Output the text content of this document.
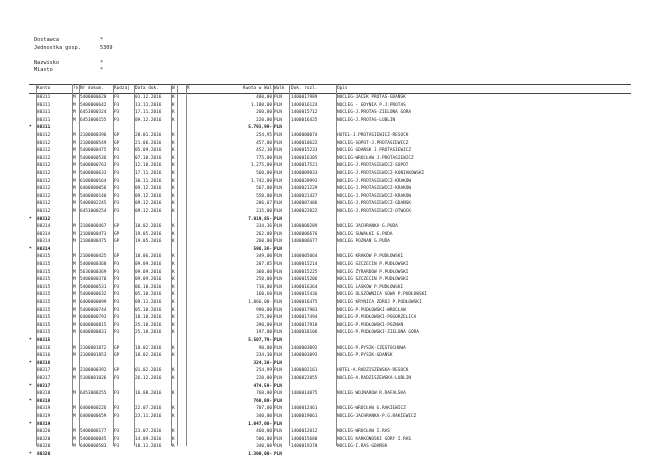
Dostawca	*
Jednostka gosp.	5309
Nazwisko	*
Miasto	*
Konto	?n Nr dokum.	Rodzaj	Data dok.	W	R	Kwota w Wal Walk	Dok. rozl.	Opis
80311	M 5400000620	P3	01.12.2016	K	480,00 PLN	1400017989	NOCLEG-JACEK PROTAS-GDAŃSK
80311	M 5400000642	P3	13.11.2016	K	1.180,00 PLN	1400016124	NOCLEG - GDYNIA P.J.PROTAS
80311	M 6453000324	P3	17.11.2016	K	260,00 PLN	1400015712	NOCLEG-J.PROTAS-ZIELONA GÓRA
80311	M 6453000155	P3	09.12.2016	K	220,00 PLN	1400016425	NOCLEG-J.PROTAS-LUBLIN
*	80311	5.793,99- PLN
80312	M 2100000396	GP	28.01.2016	K	254,95 PLN	1400000074	HOTEL-J.PROTASIEWICZ-RESOCK
80312	M 2100000549	GP	21.06.2016	K	457,00 PLN	1400010622	NOCLEG-SOPOT-J.PROTASIEWICZ
80312	M 5400000475	P3	05.09.2016	K	452,10 PLN	1400015233	NOCLEG GDAŃSK J.PROTASIEWICZ
80312	M 5400000536	P3	07.10.2016	K	775,00 PLN	1400016305	NOCLEG-WROCŁAW J.PROTASIEWICZ
80312	M 5400000763	P3	12.10.2016	K	1.275,00 PLN	1400017521	NOCLEG-J.PROTASIEWICZ-SOPOT
80312	M 5400000633	P3	17.11.2016	K	560,00 PLN	1400009833	NOCLEG-J.PROTASIEWICZ-KONIAKOWSKI
80312	M 6100000164	P3	30.11.2016	K	1.742,00 PLN	1400020993	NOCLEG-J.PROTASIEWICZ-KRAKÓW
80312	M 6400000056	P3	09.12.2016	K	567,00 PLN	1400021229	NOCLEG-J.PROTASIEWICZ-KRAKÓW
80312	M 5400000140	P3	09.12.2016	K	550,00 PLN	1400021427	NOCLEG-J.PROTASIEWICZ-KRAKÓW
80312	M 5400002245	P3	09.12.2016	K	206,67 PLN	1400007486	NOCLEG-J.PROTASIEWICZ-GDAŃSK
80312	M 6453000254	P3	09.12.2016	K	215,00 PLN	1400022022	NOCLEG-J.PROTASIEWICZ-OTWOCK
*	80312	7.019,85- PLN
80314	M 2100000467	GP	10.02.2016	K	334,36 PLN	1400000289	NOCLEG JACHRANKA G.PUDA
80314	M 2100000473	GP	19.05.2016	K	262,00 PLN	1400006676	NOCLEG SUWAŁKI G.PUDA
80314	M 2100000475	GP	19.05.2016	K	260,00 PLN	1400006677	NOCLEG POZNAŃ G.PUDA
*	80314	596,36- PLN
80315	M 2100000425	GP	10.06.2016	K	349,00 PLN	1400005064	NOCLEG KRAKÓW P.PUDŁOWSKI
80315	M 5400000368	P3	09.09.2016	K	207,85 PLN	1400015214	NOCLEG SZCZECIN P.PUDŁOWSKI
80315	M 5636000369	P3	09.09.2016	K	360,00 PLN	1400015225	NOCLEG ŻYRARDÓW P.PUDŁOWSKI
80315	M 5400000370	P3	09.09.2016	K	250,00 PLN	1400015206	NOCLEG SZCZECIN P.PUDŁOWSKI
80315	M 5400000531	P3	06.10.2016	K	710,00 PLN	1400016364	NOCLEG LASKÓW P.PUDŁOWSKI
80315	M 5400000632	P3	05.10.2016	K	160,60 PLN	1400015436	NOCLEG OLSZOWNICA SOWA P.PUDŁOWSKI
80315	M 6400000099	P3	09.11.2016	K	1.066,00- PLN	1400016475	NOCLEG KRYNICA ZDRÓJ P.PUDŁOWSKI
80315	M 5400000744	P3	05.10.2016	K	990,00 PLN	1400017983	NOCLEG-P.PUDŁOWSKI-WROCŁAW
80315	M 6400000793	P3	18.10.2016	K	375,00 PLN	1400017494	NOCLEG-P.PUDŁOWSKI-POGORZELICA
80315	M 6400000815	P3	25.10.2016	K	390,00 PLN	1400017918	NOCLEG-P.PUDŁOWSKI-POZNAŃ
80315	M 6400000831	P3	25.10.2016	K	197,00 PLN	1400018106	NOCLEG-P.PUDŁOWSKI-ZIELONA GÓRA
*	80315	5.507,79- PLN
80316	M 2100001872	GP	18.02.2016	K	90,00 PLN	1400003092	NOCLEG-P.PYSIK-CZĘSTOCHOWA
80316	M 2100001853	GP	18.02.2016	K	234,30 PLN	1400003093	NOCLEG-P.PYSIK-GDAŃSK
*	80316	324,30- PLN
80317	M 2100000392	GP	01.02.2016	K	254,99 PLN	1400002161	HOTEL-A.RADZISZEWSKA-RESOCK
80317	M 5100001026	P3	26.12.2016	K	220,00 PLN	1400022055	NOCLEG-A.RADZISZEWSKA-LUBLIN
*	80317	474,59- PLN
80318	M 6453000255	P3	16.08.2016	K	760,00 PLN	1400014075	NOCLEG WOJNARÓW R.RAFALSKA
*	80318	760,00- PLN
80319	M 6400000226	P3	22.07.2016	K	707,00 PLN	1400012461	NOCLEG-WROCŁAW G.RAKIEWICZ
80319	M 6400000659	P3	23.11.2016	K	340,00 PLN	1400019061	NOCLEG-JACHRANKA-P.G.RAKIEWICZ
*	80319	1.047,00- PLN
80320	M 5400000177	P3	23.07.2016	K	460,00 PLN	1400012012	NOCLEG-WROCŁAW I.RAŚ
80320	M 5400000045	P3	14.09.2016	K	500,00 PLN	1400015680	NOCLEG KARKONOSKI GÓRY I.RAŚ
80320	M 6400000583	P3	18.11.2016	K	340,00 PLN	1400019378	NOCLEG-I.RAŚ-GDAŃSK
*	80320	1.300,00- PLN
